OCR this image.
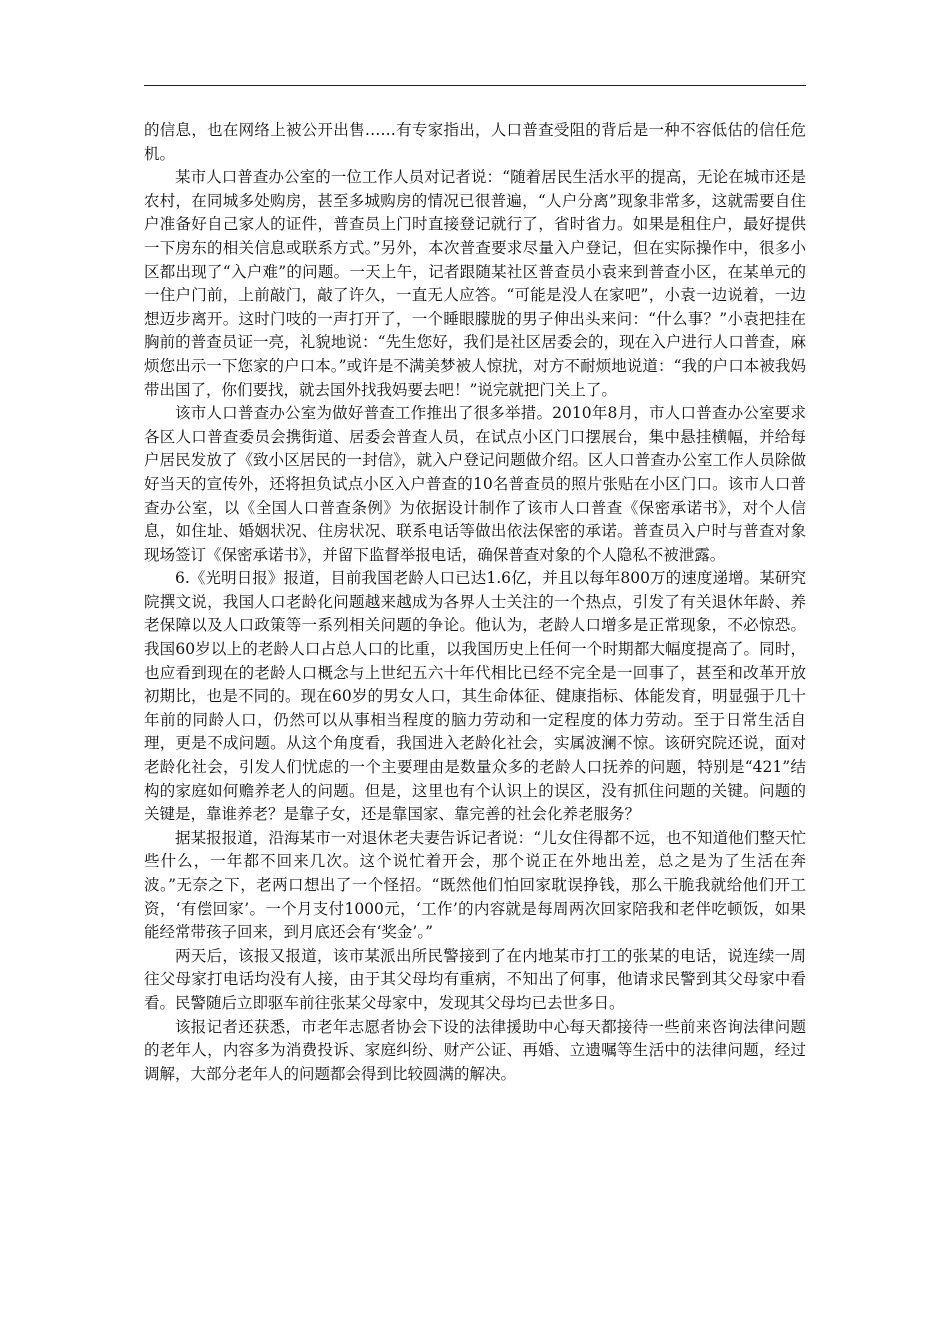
的信息，也在网络上被公开出售……有专家指出，人口普查受阻的背后是一种不容低估的信任危机。

某市人口普查办公室的一位工作人员对记者说：“随着居民生活水平的提高，无论在城市还是农村，在同城多处购房，甚至多城购房的情况已很普遍，“人户分离”现象非常多，这就需要自住户准备好自己家人的证件，普查员上门时直接登记就行了，省时省力。如果是租住户，最好提供一下房东的相关信息或联系方式。”另外，本次普查要求尽量入户登记，但在实际操作中，很多小区都出现了“入户难”的问题。一天上午，记者跟随某社区普查员小袁来到普查小区，在某单元的一住户门前，上前敲门，敲了许久，一直无人应答。“可能是没人在家吧”，小袁一边说着，一边想迈步离开。这时门吱的一声打开了，一个睡眼朦胧的男子伸出头来问：“什么事？”小袁把挂在胸前的普查员证一亮，礼貌地说：“先生您好，我们是社区居委会的，现在入户进行人口普查，麻烦您出示一下您家的户口本。”或许是不满美梦被人惊扰，对方不耐烦地说道：“我的户口本被我妈带出国了，你们要找，就去国外找我妈要去吧！”说完就把门关上了。

该市人口普查办公室为做好普查工作推出了很多举措。2010年8月，市人口普查办公室要求各区人口普查委员会携街道、居委会普查人员，在试点小区门口摆展台，集中悬挂横幅，并给每户居民发放了《致小区居民的一封信》，就入户登记问题做介绍。区人口普查办公室工作人员除做好当天的宣传外，还将担负试点小区入户普查的10名普查员的照片张贴在小区门口。该市人口普查办公室，以《全国人口普查条例》为依据设计制作了该市人口普查《保密承诺书》，对个人信息，如住址、婚姻状况、住房状况、联系电话等做出依法保密的承诺。普查员入户时与普查对象现场签订《保密承诺书》，并留下监督举报电话，确保普查对象的个人隐私不被泄露。

6.《光明日报》报道，目前我国老龄人口已达1.6亿，并且以每年800万的速度递增。某研究院撰文说，我国人口老龄化问题越来越成为各界人士关注的一个热点，引发了有关退休年龄、养老保障以及人口政策等一系列相关问题的争论。他认为，老龄人口增多是正常现象，不必惊恐。我国60岁以上的老龄人口占总人口的比重，以我国历史上任何一个时期都大幅度提高了。同时，也应看到现在的老龄人口概念与上世纪五六十年代相比已经不完全是一回事了，甚至和改革开放初期比，也是不同的。现在60岁的男女人口，其生命体征、健康指标、体能发育，明显强于几十年前的同龄人口，仍然可以从事相当程度的脑力劳动和一定程度的体力劳动。至于日常生活自理，更是不成问题。从这个角度看，我国进入老龄化社会，实属波澜不惊。该研究院还说，面对老龄化社会，引发人们忧虑的一个主要理由是数量众多的老龄人口抚养的问题，特别是“421”结构的家庭如何赡养老人的问题。但是，这里也有个认识上的误区，没有抓住问题的关键。问题的关键是，靠谁养老？是靠子女，还是靠国家、靠完善的社会化养老服务？

据某报报道，沿海某市一对退休老夫妻告诉记者说：“儿女住得都不远，也不知道他们整天忙些什么，一年都不回来几次。这个说忙着开会，那个说正在外地出差，总之是为了生活在奔波。”无奈之下，老两口想出了一个怪招。“既然他们怕回家耽误挣钱，那么干脆我就给他们开工资，‘有偿回家’。一个月支付1000元，‘工作’的内容就是每周两次回家陪我和老伴吃顿饭，如果能经常带孩子回来，到月底还会有‘奖金’。”

两天后，该报又报道，该市某派出所民警接到了在内地某市打工的张某的电话，说连续一周往父母家打电话均没有人接，由于其父母均有重病，不知出了何事，他请求民警到其父母家中看看。民警随后立即驱车前往张某父母家中，发现其父母均已去世多日。

该报记者还获悉，市老年志愿者协会下设的法律援助中心每天都接待一些前来咨询法律问题的老年人，内容多为消费投诉、家庭纠纷、财产公证、再婚、立遗嘱等生活中的法律问题，经过调解，大部分老年人的问题都会得到比较圆满的解决。
